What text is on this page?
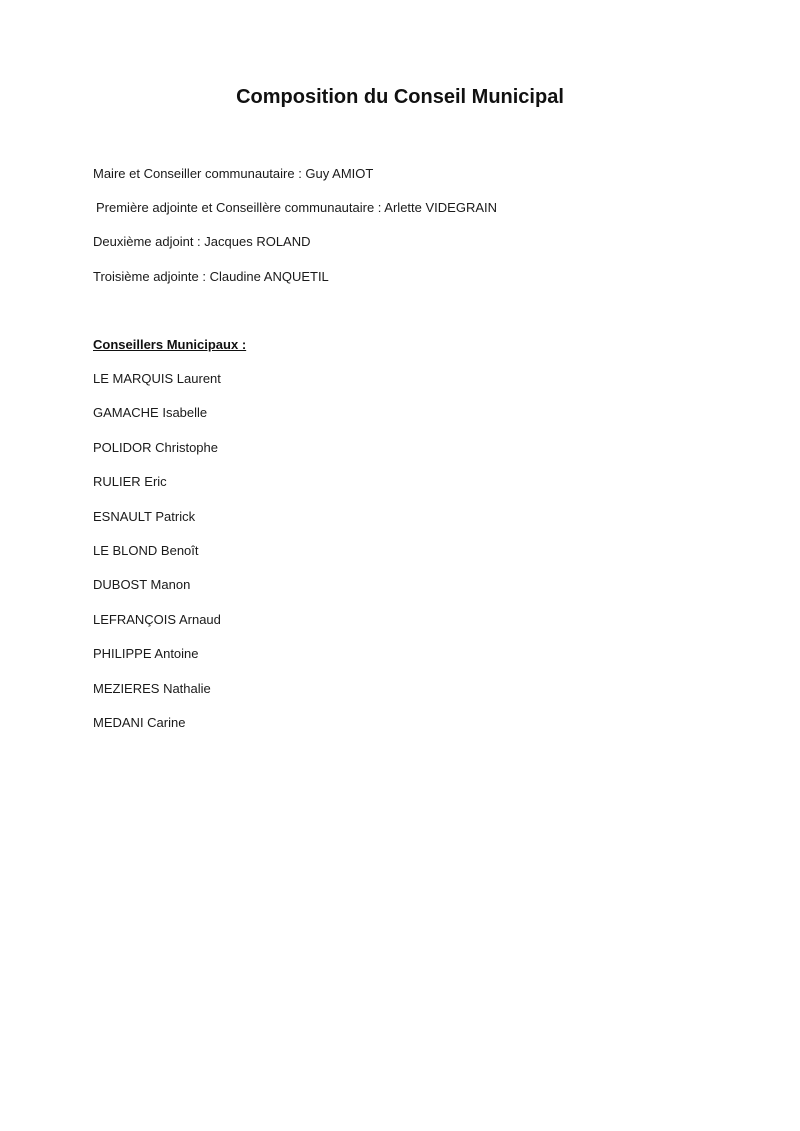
Composition du Conseil Municipal
Maire et Conseiller communautaire : Guy AMIOT
Première adjointe et Conseillère communautaire : Arlette VIDEGRAIN
Deuxième adjoint : Jacques ROLAND
Troisième adjointe : Claudine ANQUETIL
Conseillers Municipaux :
LE MARQUIS Laurent
GAMACHE Isabelle
POLIDOR Christophe
RULIER Eric
ESNAULT Patrick
LE BLOND Benoît
DUBOST Manon
LEFRANÇOIS Arnaud
PHILIPPE Antoine
MEZIERES Nathalie
MEDANI Carine
